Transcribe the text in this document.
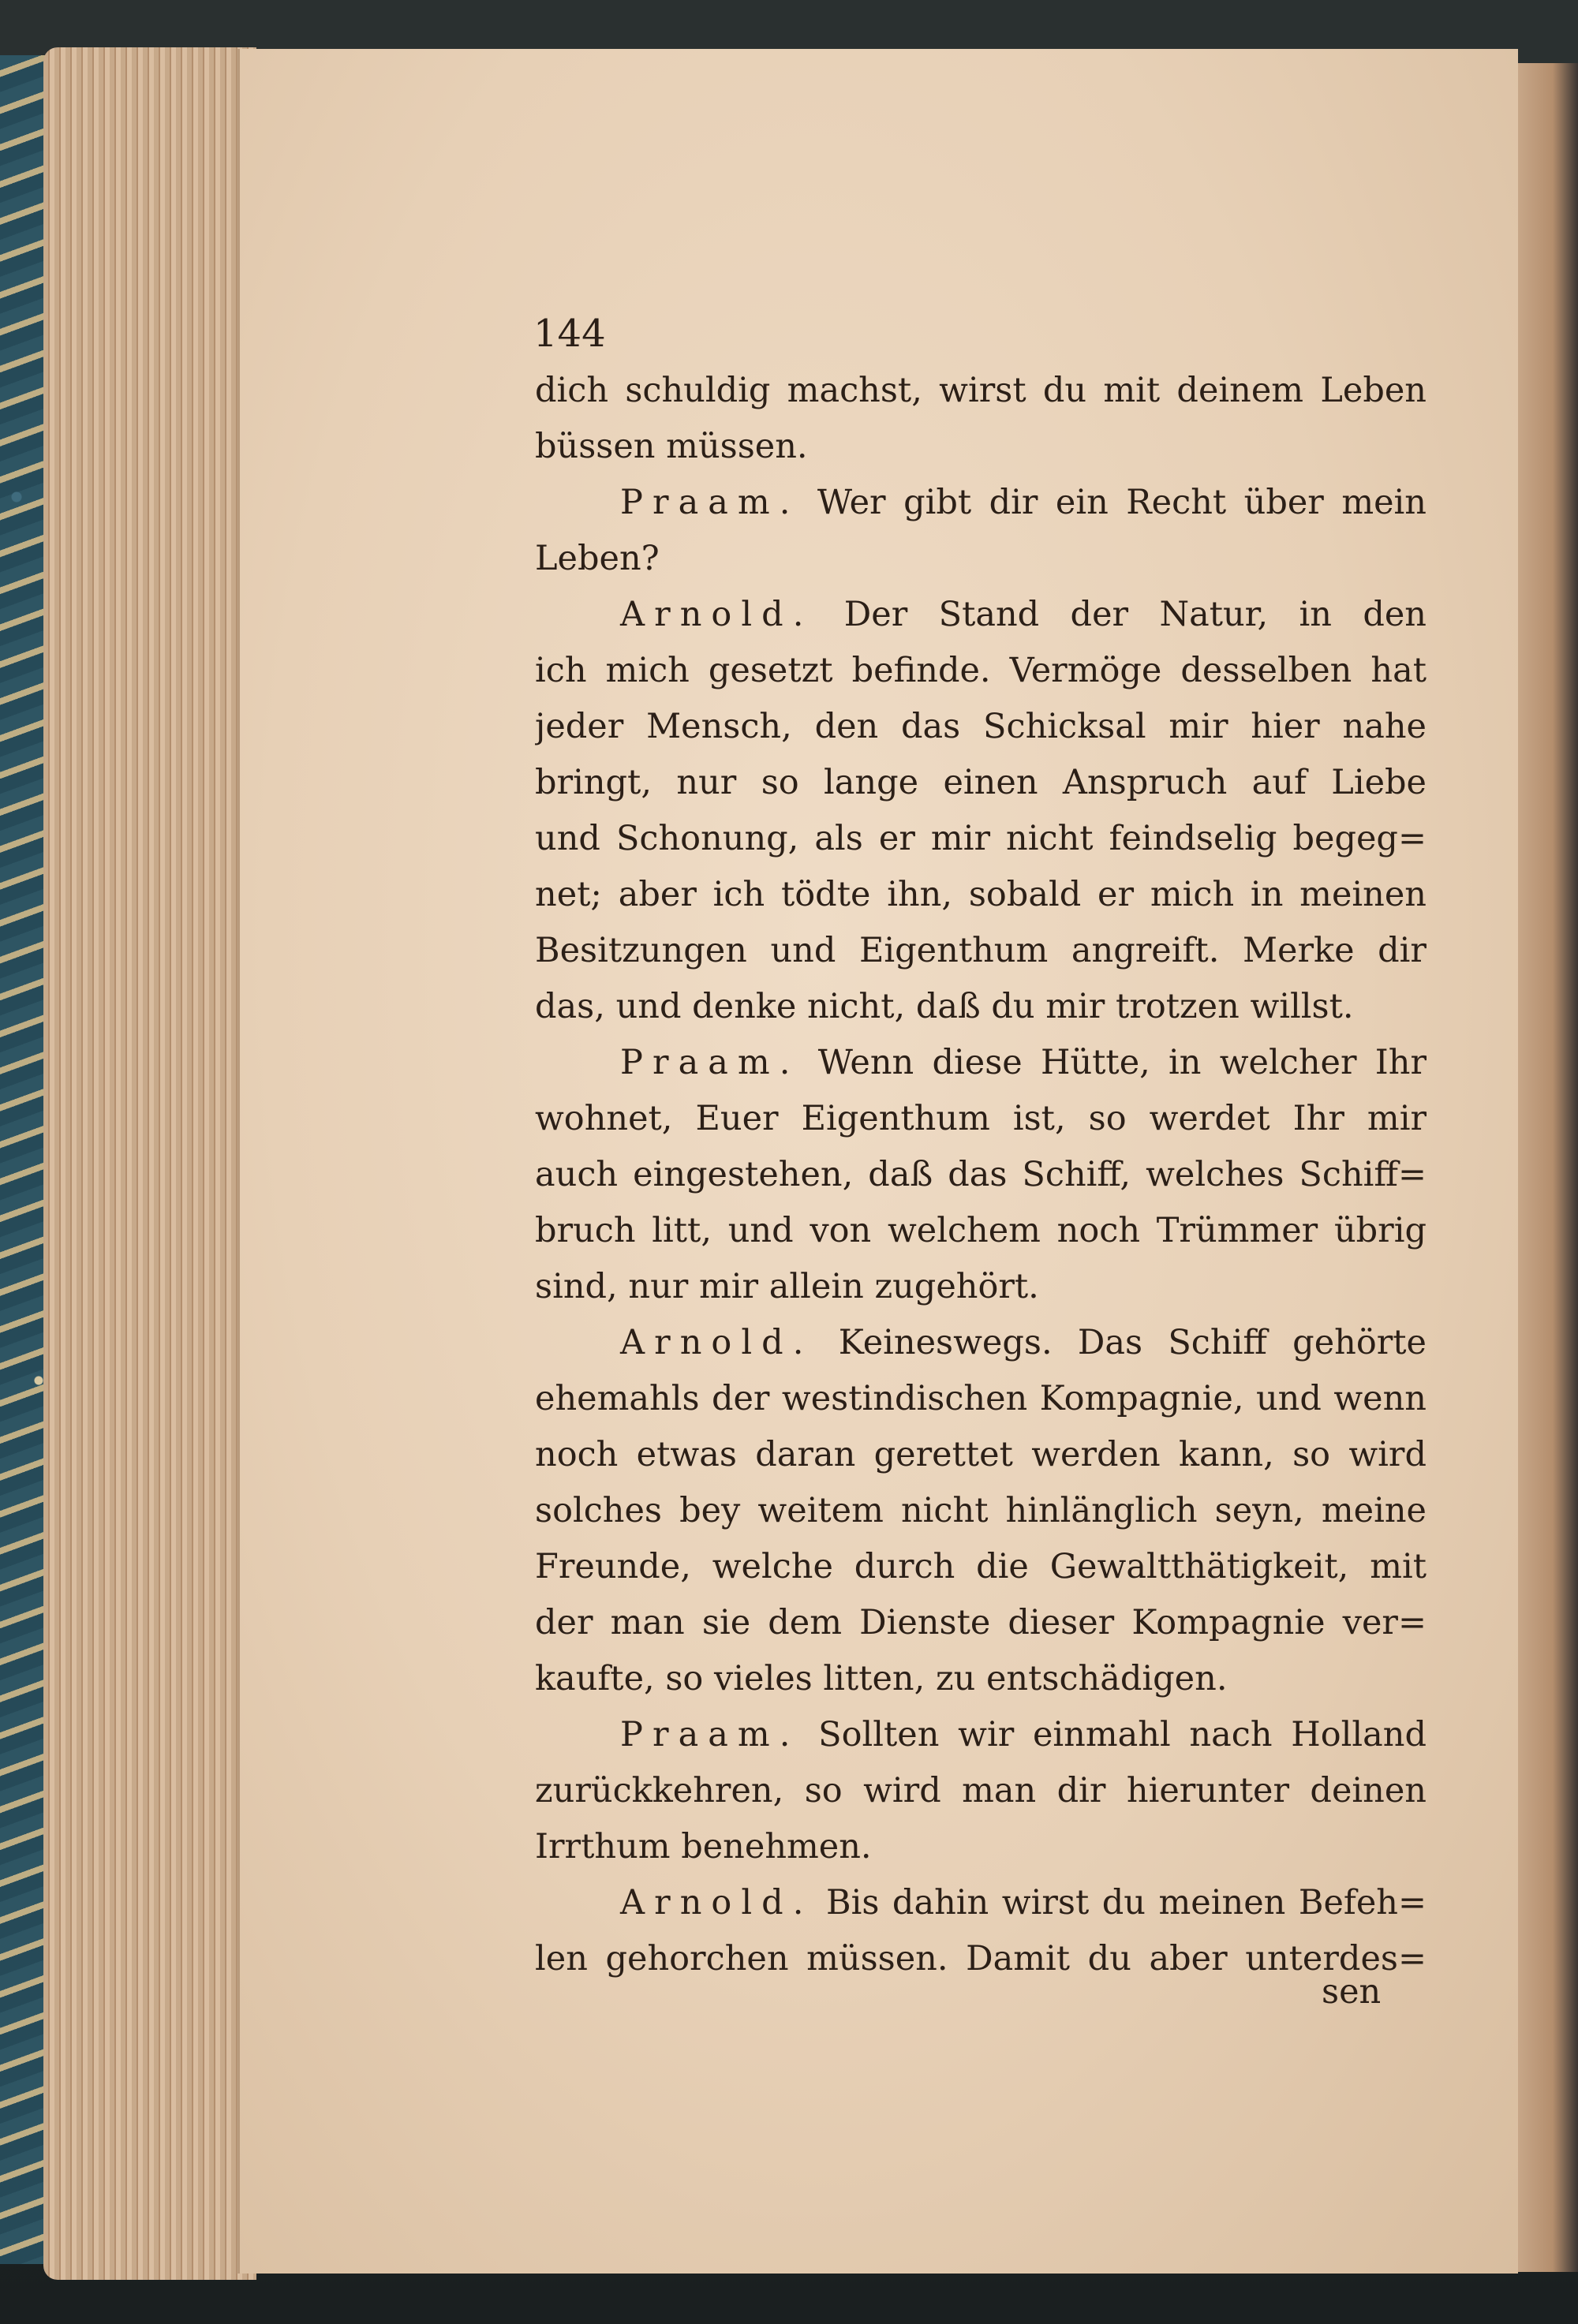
144
dich schuldig machst, wirst du mit deinem Leben
büssen müssen.
Praam. Wer gibt dir ein Recht über mein
Leben?
Arnold. Der Stand der Natur, in den
ich mich gesetzt befinde. Vermöge desselben hat
jeder Mensch, den das Schicksal mir hier nahe
bringt, nur so lange einen Anspruch auf Liebe
und Schonung, als er mir nicht feindselig begeg=
net; aber ich tödte ihn, sobald er mich in meinen
Besitzungen und Eigenthum angreift. Merke dir
das, und denke nicht, daß du mir trotzen willst.
Praam. Wenn diese Hütte, in welcher Ihr
wohnet, Euer Eigenthum ist, so werdet Ihr mir
auch eingestehen, daß das Schiff, welches Schiff=
bruch litt, und von welchem noch Trümmer übrig
sind, nur mir allein zugehört.
Arnold. Keineswegs. Das Schiff gehörte
ehemahls der westindischen Kompagnie, und wenn
noch etwas daran gerettet werden kann, so wird
solches bey weitem nicht hinlänglich seyn, meine
Freunde, welche durch die Gewaltthätigkeit, mit
der man sie dem Dienste dieser Kompagnie ver=
kaufte, so vieles litten, zu entschädigen.
Praam. Sollten wir einmahl nach Holland
zurückkehren, so wird man dir hierunter deinen
Irrthum benehmen.
Arnold. Bis dahin wirst du meinen Befeh=
len gehorchen müssen. Damit du aber unterdes=
sen
